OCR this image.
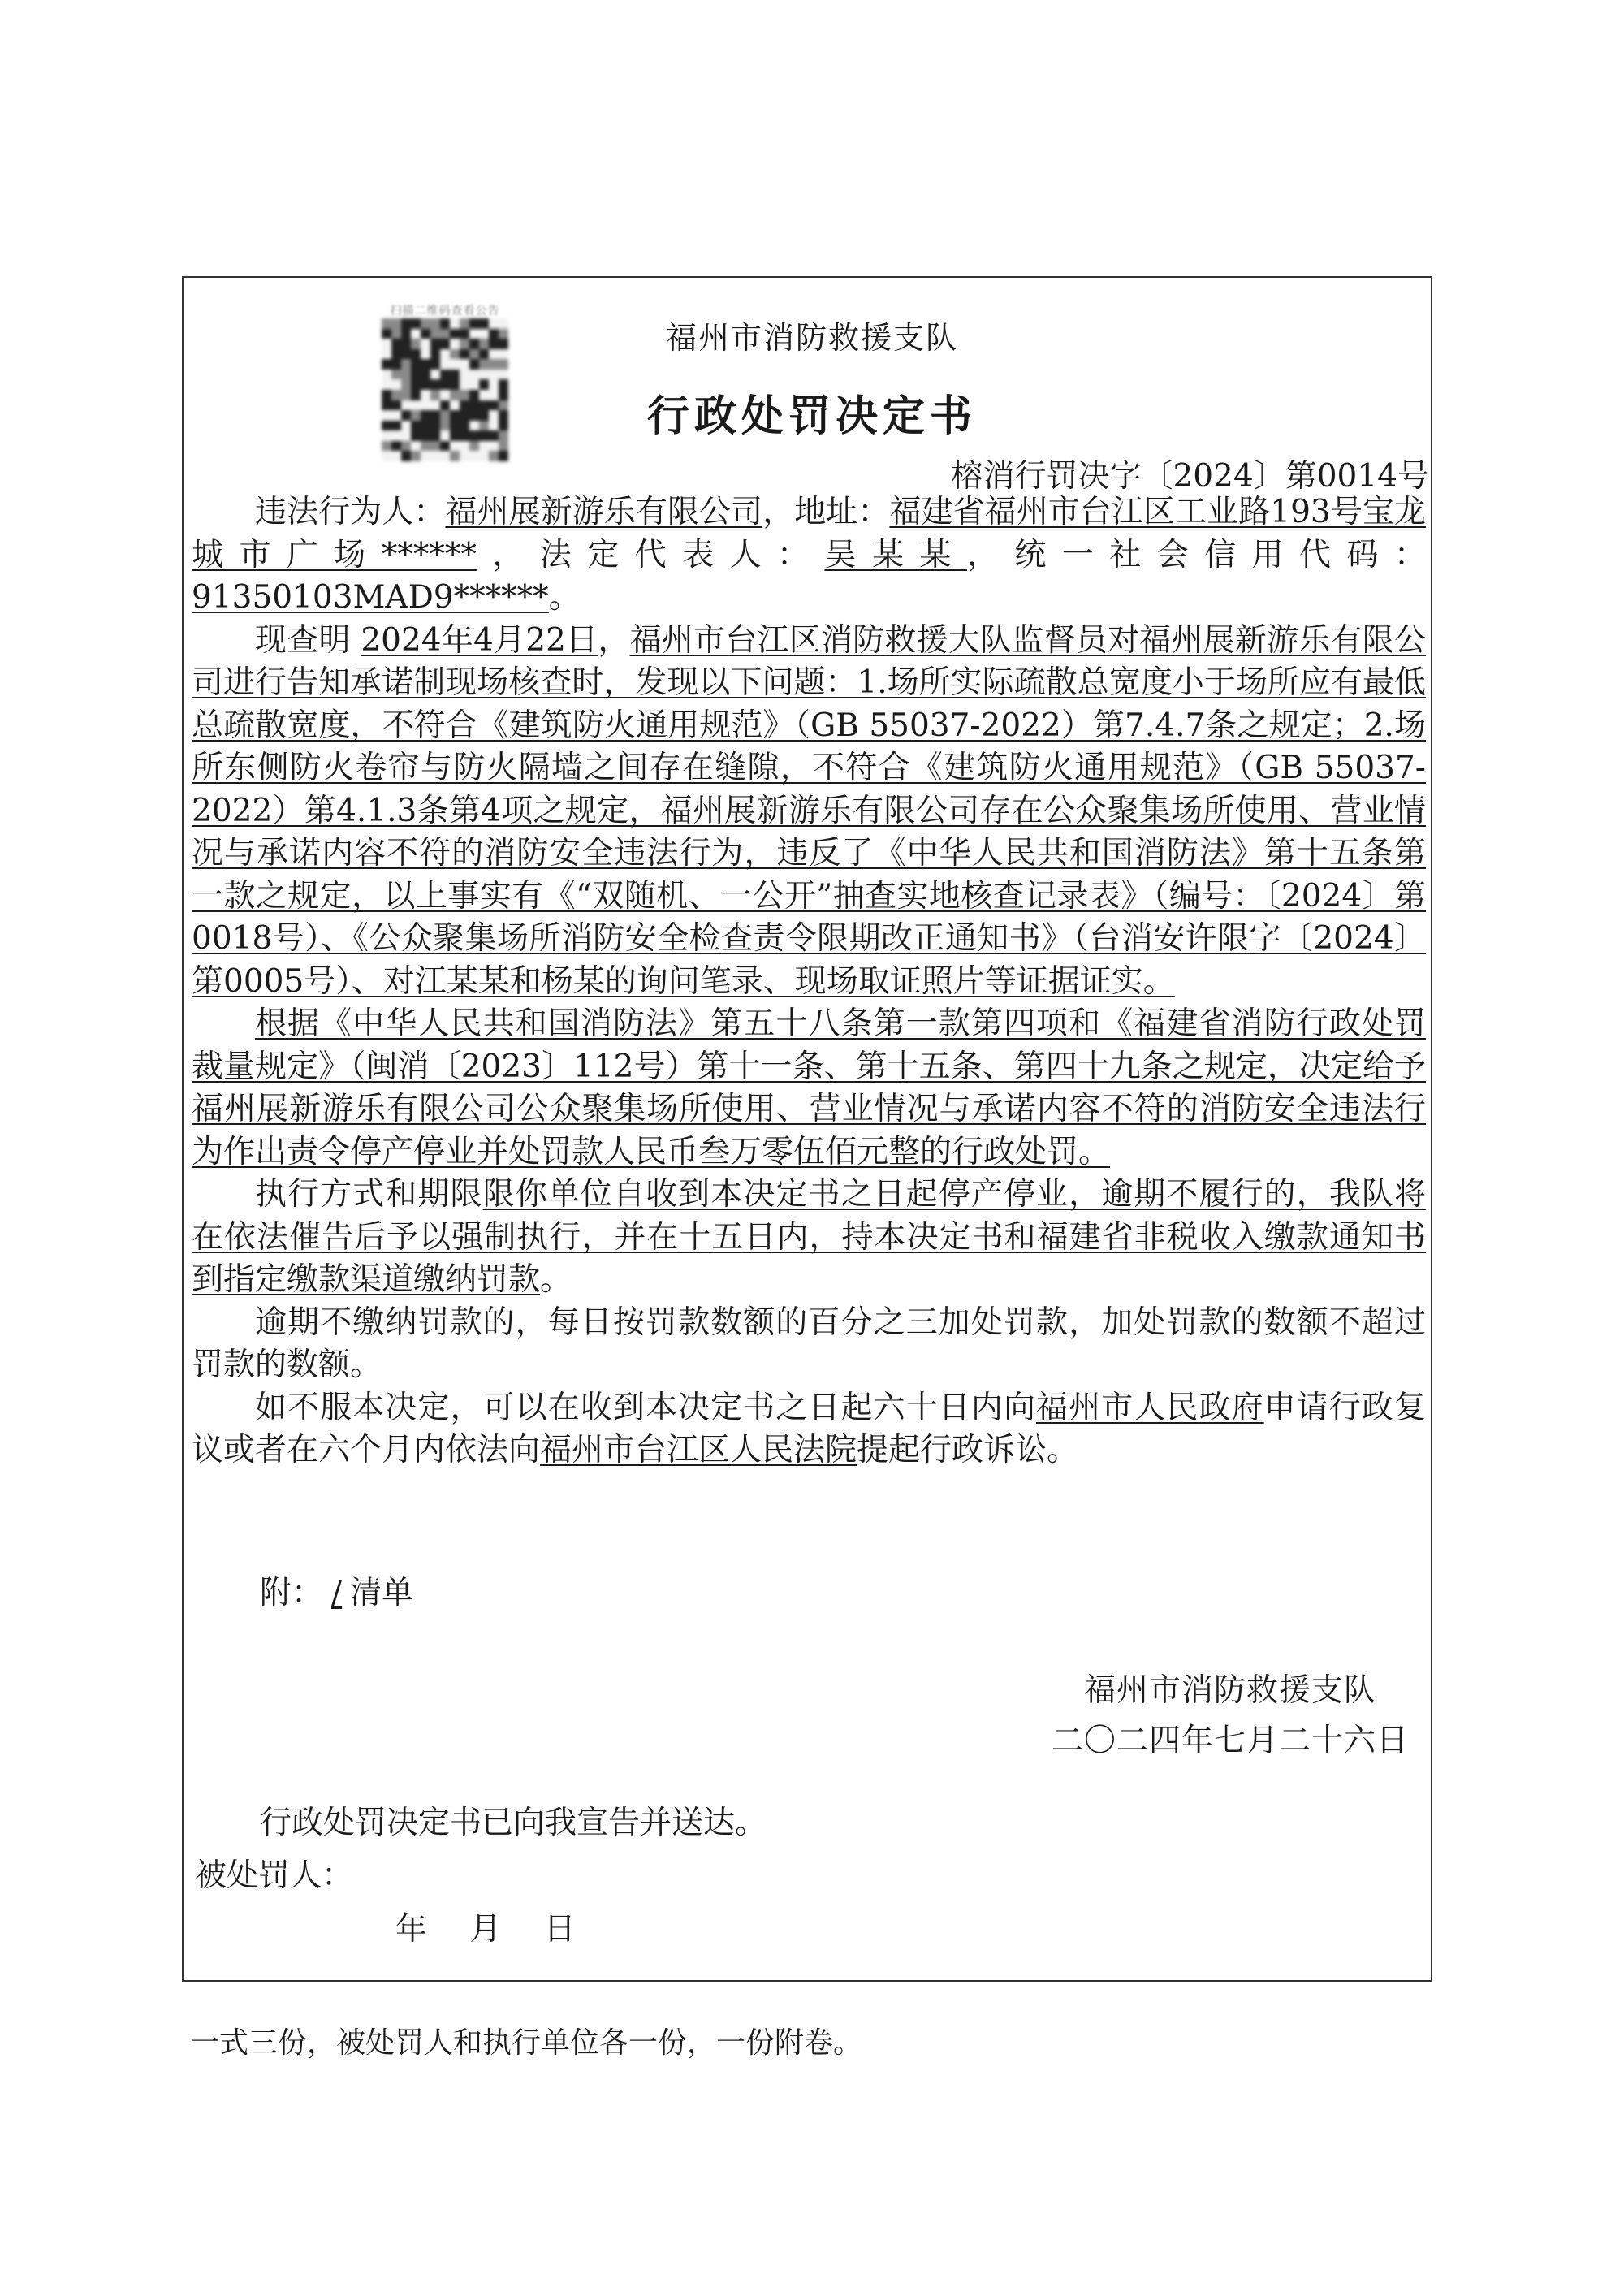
扫描二维码查看公告
福州市消防救援支队
行政处罚决定书
榕消行罚决字〔2024〕第0014号

违法行为人：福州展新游乐有限公司，地址：福建省福州市台江区工业路193号宝龙城市广场******，法定代表人：吴某某，统一社会信用代码：91350103MAD9******。

现查明 2024年4月22日，福州市台江区消防救援大队监督员对福州展新游乐有限公司进行告知承诺制现场核查时，发现以下问题：1.场所实际疏散总宽度小于场所应有最低总疏散宽度，不符合《建筑防火通用规范》（GB 55037-2022）第7.4.7条之规定；2.场所东侧防火卷帘与防火隔墙之间存在缝隙，不符合《建筑防火通用规范》（GB 55037-2022）第4.1.3条第4项之规定，福州展新游乐有限公司存在公众聚集场所使用、营业情况与承诺内容不符的消防安全违法行为，违反了《中华人民共和国消防法》第十五条第一款之规定，以上事实有《“双随机、一公开”抽查实地核查记录表》（编号：〔2024〕第0018号）、《公众聚集场所消防安全检查责令限期改正通知书》（台消安许限字〔2024〕第0005号）、对江某某和杨某的询问笔录、现场取证照片等证据证实。

根据《中华人民共和国消防法》第五十八条第一款第四项和《福建省消防行政处罚裁量规定》（闽消〔2023〕112号）第十一条、第十五条、第四十九条之规定，决定给予福州展新游乐有限公司公众聚集场所使用、营业情况与承诺内容不符的消防安全违法行为作出责令停产停业并处罚款人民币叁万零伍佰元整的行政处罚。

执行方式和期限限你单位自收到本决定书之日起停产停业，逾期不履行的，我队将在依法催告后予以强制执行，并在十五日内，持本决定书和福建省非税收入缴款通知书到指定缴款渠道缴纳罚款。

逾期不缴纳罚款的，每日按罚款数额的百分之三加处罚款，加处罚款的数额不超过罚款的数额。

如不服本决定，可以在收到本决定书之日起六十日内向福州市人民政府申请行政复议或者在六个月内依法向福州市台江区人民法院提起行政诉讼。

附： / 清单
福州市消防救援支队
二〇二四年七月二十六日
行政处罚决定书已向我宣告并送达。
被处罚人：
年 月 日
一式三份，被处罚人和执行单位各一份，一份附卷。
